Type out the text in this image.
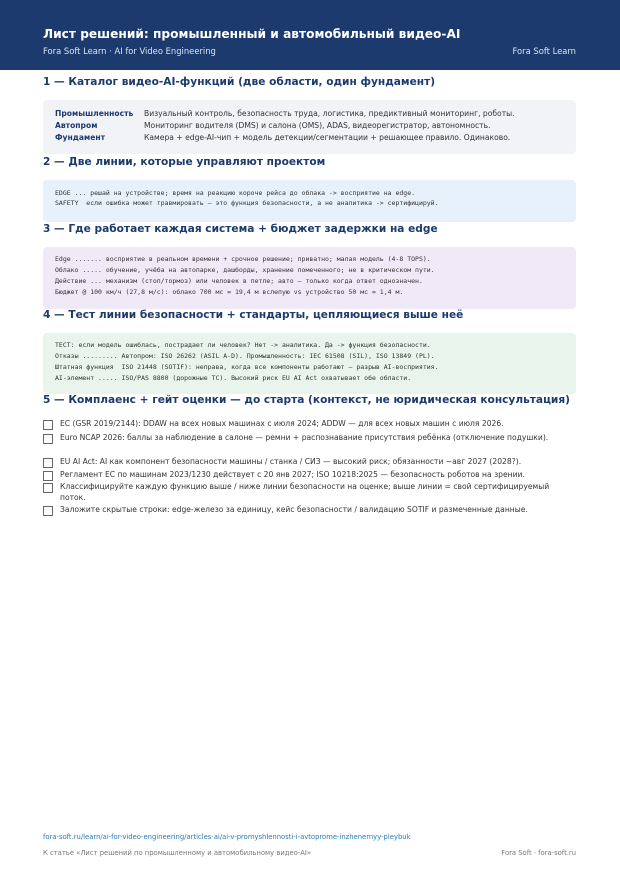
Лист решений: промышленный и автомобильный видео-AI
Fora Soft Learn · AI for Video Engineering	Fora Soft Learn
1 — Каталог видео-AI-функций (две области, один фундамент)
Промышленность Визуальный контроль, безопасность труда, логистика, предиктивный мониторинг, роботы.
Автопром	Мониторинг водителя (DMS) и салона (OMS), ADAS, видеорегистратор, автономность.
Фундамент	Камера + edge-AI-чип + модель детекции/сегментации + решающее правило. Одинаково.
2 — Две линии, которые управляют проектом
EDGE ... решай на устройстве; время на реакцию короче рейса до облака -> восприятие на edge.
SAFETY  если ошибка может травмировать — это функция безопасности, а не аналитика -> сертифицируй.
3 — Где работает каждая система + бюджет задержки на edge
Edge ....... восприятие в реальном времени + срочное решение; приватно; малая модель (4-8 TOPS).
Облако ..... обучение, учёба на автопарке, дашборды, хранение помеченного; не в критическом пути.
Действие ... механизм (стоп/тормоз) или человек в петле; авто — только когда ответ однозначен.
Бюджет @ 100 км/ч (27,8 м/с): облако 700 мс = 19,4 м вслепую vs устройство 50 мс = 1,4 м.
4 — Тест линии безопасности + стандарты, цепляющиеся выше неё
ТЕСТ: если модель ошиблась, пострадает ли человек? Нет -> аналитика. Да -> функция безопасности.
Отказы ......... Автопром: ISO 26262 (ASIL A-D). Промышленность: IEC 61508 (SIL), ISO 13849 (PL).
Штатная функция  ISO 21448 (SOTIF): неправа, когда все компоненты работают — разрыв AI-восприятия.
AI-элемент ..... ISO/PAS 8800 (дорожные ТС). Высокий риск EU AI Act охватывает обе области.
5 — Комплаенс + гейт оценки — до старта (контекст, не юридическая консультация)
EC (GSR 2019/2144): DDAW на всех новых машинах с июля 2024; ADDW — для всех новых машин с июля 2026.
Euro NCAP 2026: баллы за наблюдение в салоне — ремни + распознавание присутствия ребёнка (отключение подушки).
EU AI Act: AI как компонент безопасности машины / станка / СИЗ — высокий риск; обязанности ~авг 2027 (2028?).
Регламент ЕС по машинам 2023/1230 действует с 20 янв 2027; ISO 10218:2025 — безопасность роботов на зрении.
Классифицируйте каждую функцию выше / ниже линии безопасности на оценке; выше линии = свой сертифицируемый поток.
Заложите скрытые строки: edge-железо за единицу, кейс безопасности / валидацию SOTIF и размеченные данные.
fora-soft.ru/learn/ai-for-video-engineering/articles-ai/ai-v-promyshlennosti-i-avtoprome-inzhenernyy-pleybuk
К статье «Лист решений по промышленному и автомобильному видео-AI»	Fora Soft · fora-soft.ru
